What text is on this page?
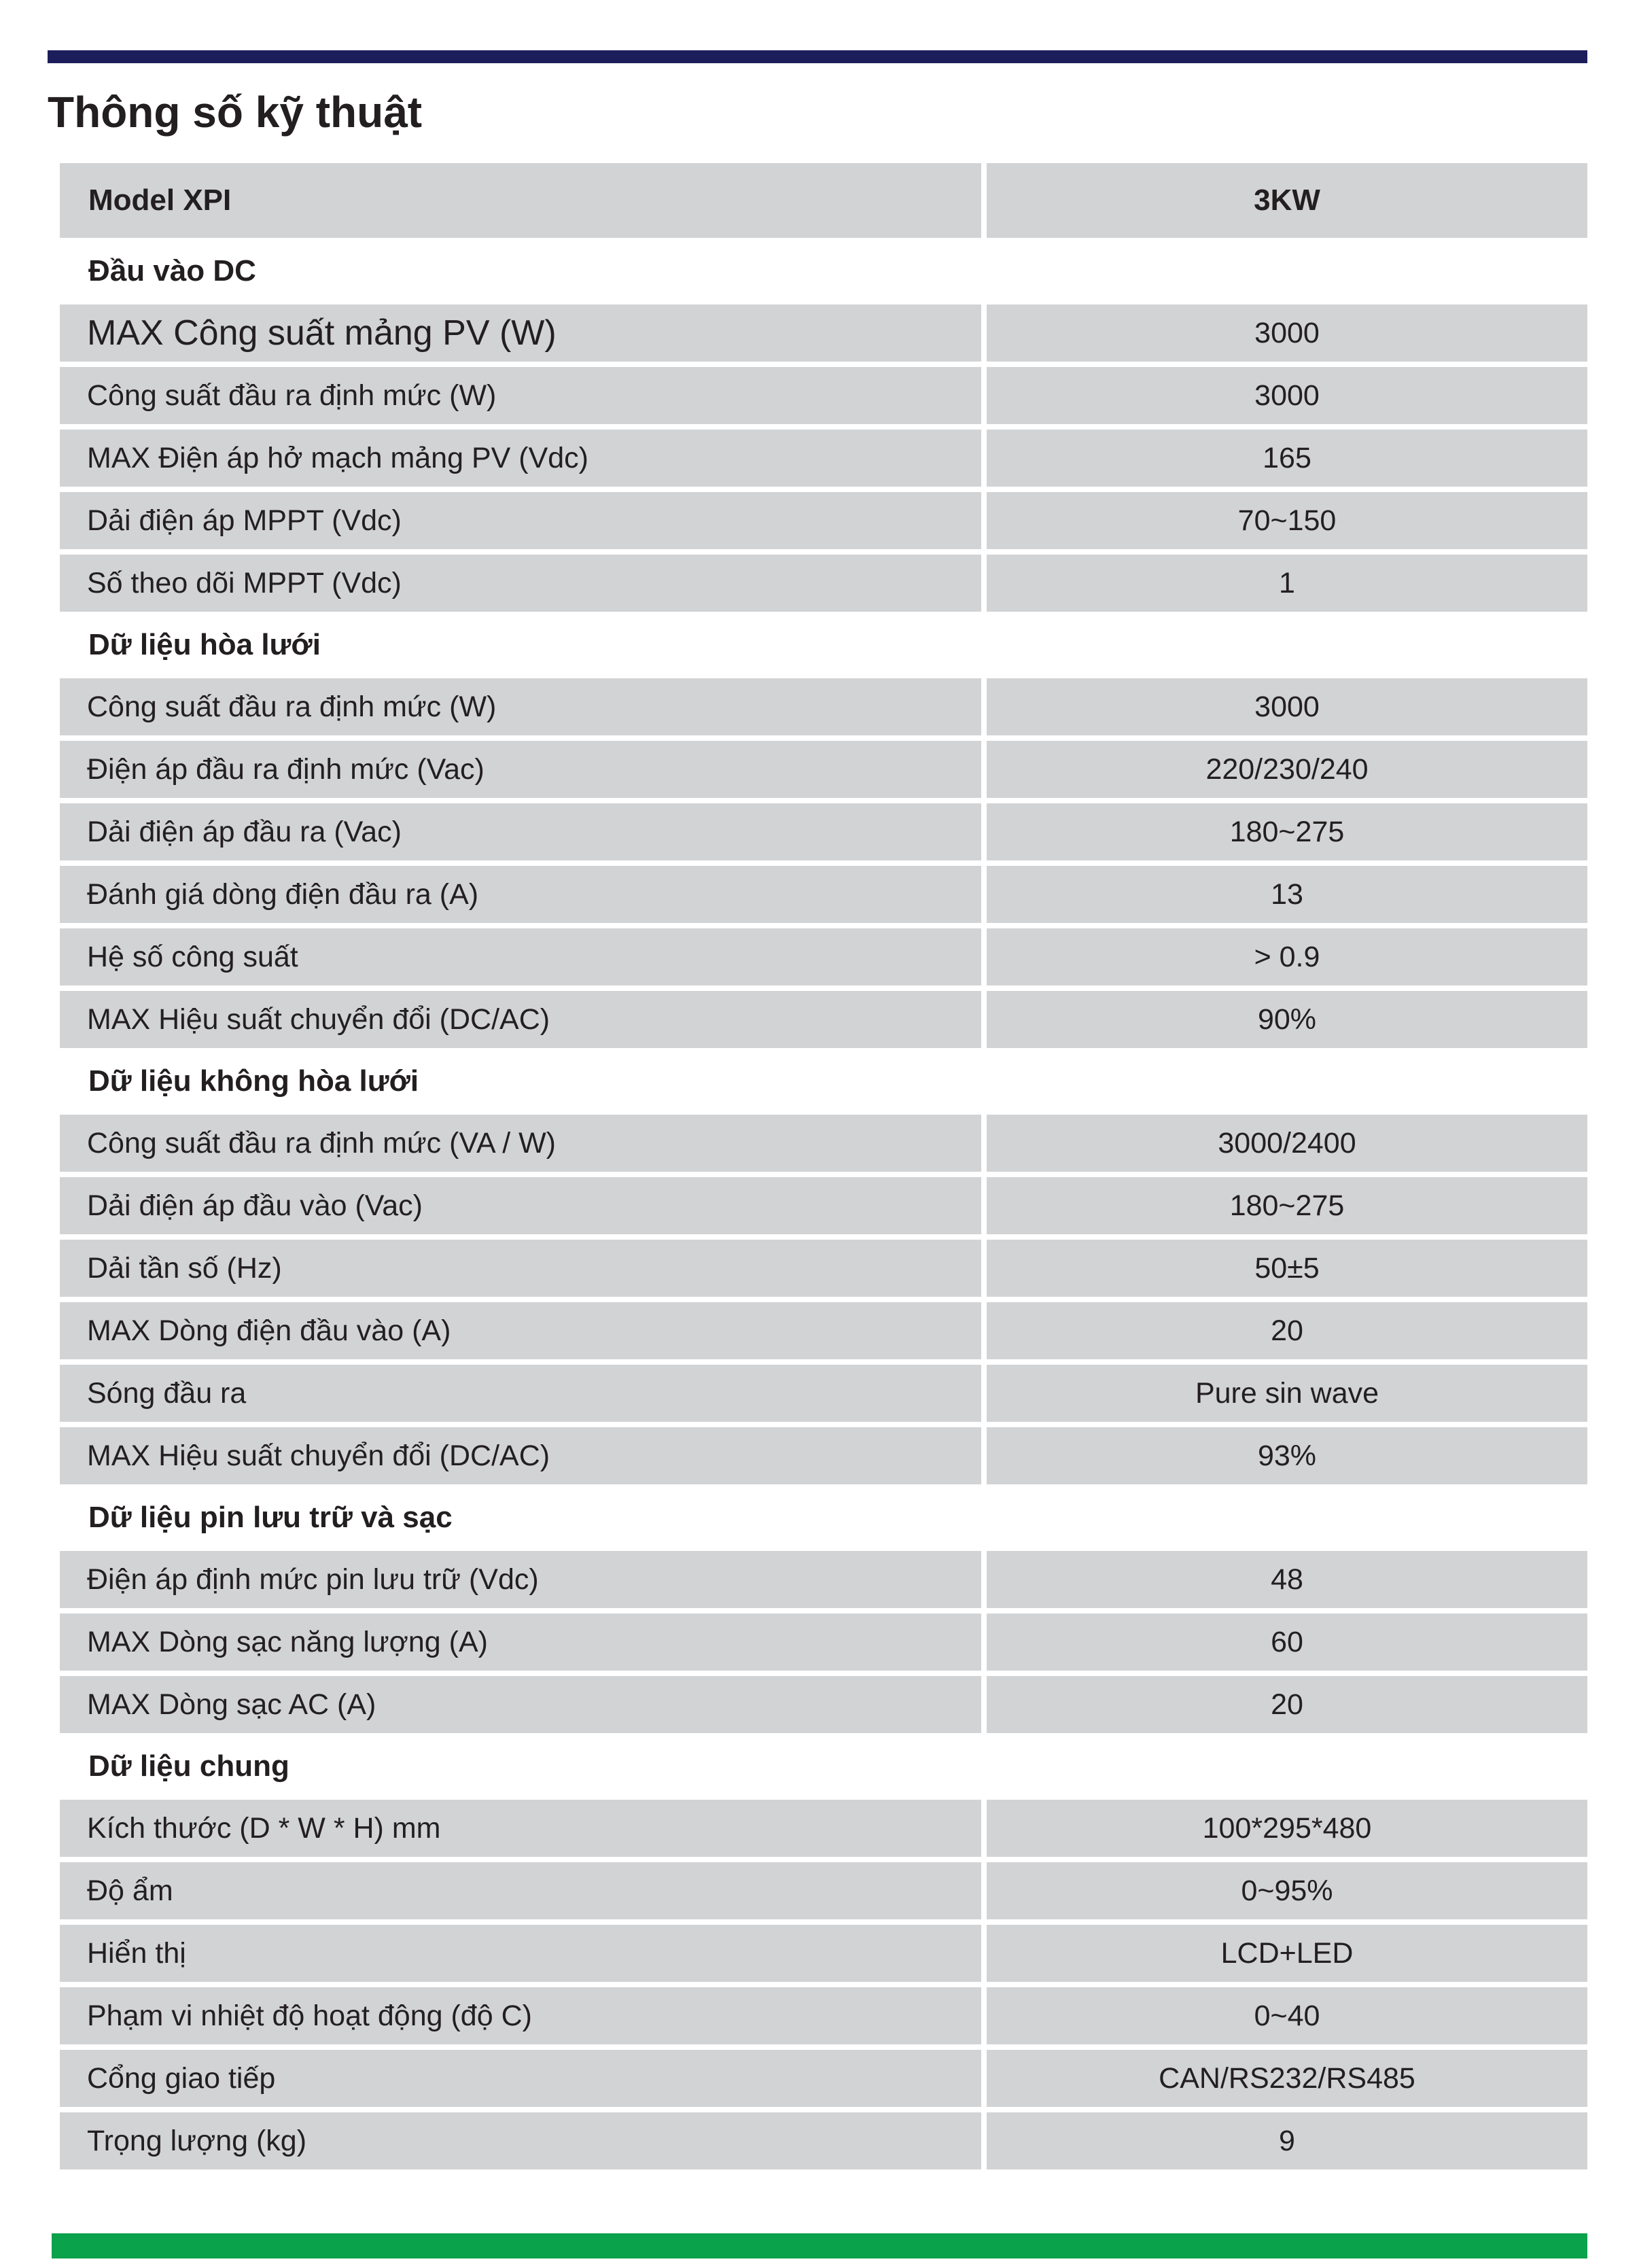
Thông số kỹ thuật
Model XPI	3KW
Đầu vào DC
MAX Công suất mảng PV (W)	3000
Công suất đầu ra định mức (W)	3000
MAX Điện áp hở mạch mảng PV (Vdc)	165
Dải điện áp MPPT (Vdc)	70~150
Số theo dõi MPPT (Vdc)	1
Dữ liệu hòa lưới
Công suất đầu ra định mức (W)	3000
Điện áp đầu ra định mức (Vac)	220/230/240
Dải điện áp đầu ra (Vac)	180~275
Đánh giá dòng điện đầu ra (A)	13
Hệ số công suất	> 0.9
MAX Hiệu suất chuyển đổi (DC/AC)	90%
Dữ liệu không hòa lưới
Công suất đầu ra định mức (VA / W)	3000/2400
Dải điện áp đầu vào (Vac)	180~275
Dải tần số (Hz)	50±5
MAX Dòng điện đầu vào (A)	20
Sóng đầu ra	Pure sin wave
MAX Hiệu suất chuyển đổi (DC/AC)	93%
Dữ liệu pin lưu trữ và sạc
Điện áp định mức pin lưu trữ (Vdc)	48
MAX Dòng sạc năng lượng (A)	60
MAX Dòng sạc AC (A)	20
Dữ liệu chung
Kích thước (D * W * H) mm	100*295*480
Độ ẩm	0~95%
Hiển thị	LCD+LED
Phạm vi nhiệt độ hoạt động (độ C)	0~40
Cổng giao tiếp	CAN/RS232/RS485
Trọng lượng (kg)	9
